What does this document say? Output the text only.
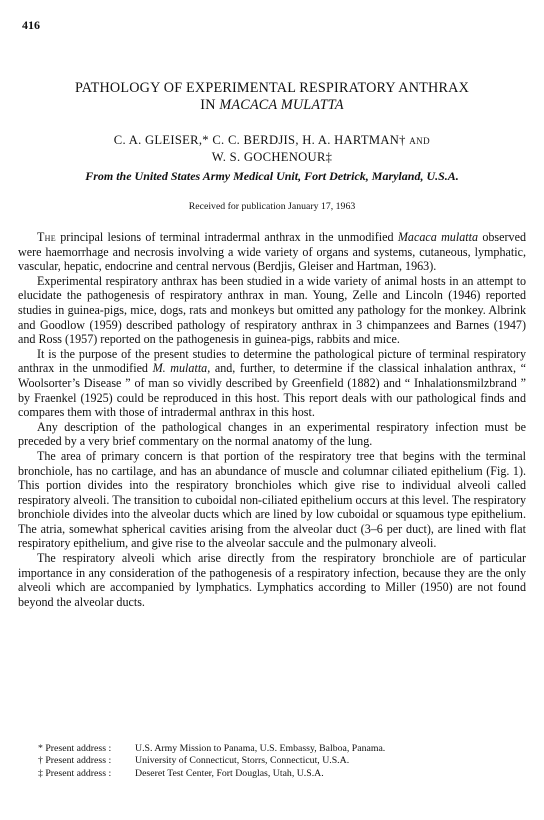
416
PATHOLOGY OF EXPERIMENTAL RESPIRATORY ANTHRAX
IN MACACA MULATTA
C. A. GLEISER,* C. C. BERDJIS, H. A. HARTMAN† AND
W. S. GOCHENOUR‡
From the United States Army Medical Unit, Fort Detrick, Maryland, U.S.A.
Received for publication January 17, 1963

The principal lesions of terminal intradermal anthrax in the unmodified Macaca mulatta observed were haemorrhage and necrosis involving a wide variety of organs and systems, cutaneous, lymphatic, vascular, hepatic, endocrine and central nervous (Berdjis, Gleiser and Hartman, 1963).

Experimental respiratory anthrax has been studied in a wide variety of animal hosts in an attempt to elucidate the pathogenesis of respiratory anthrax in man. Young, Zelle and Lincoln (1946) reported studies in guinea-pigs, mice, dogs, rats and monkeys but omitted any pathology for the monkey. Albrink and Goodlow (1959) described pathology of respiratory anthrax in 3 chimpanzees and Barnes (1947) and Ross (1957) reported on the pathogenesis in guinea-pigs, rabbits and mice.

It is the purpose of the present studies to determine the pathological picture of terminal respiratory anthrax in the unmodified M. mulatta, and, further, to determine if the classical inhalation anthrax, “ Woolsorter’s Disease ” of man so vividly described by Greenfield (1882) and “ Inhalationsmilzbrand ” by Fraenkel (1925) could be reproduced in this host. This report deals with our pathological finds and compares them with those of intradermal anthrax in this host.

Any description of the pathological changes in an experimental respiratory infection must be preceded by a very brief commentary on the normal anatomy of the lung.

The area of primary concern is that portion of the respiratory tree that begins with the terminal bronchiole, has no cartilage, and has an abundance of muscle and columnar ciliated epithelium (Fig. 1). This portion divides into the respiratory bronchioles which give rise to individual alveoli called respiratory alveoli. The transition to cuboidal non-ciliated epithelium occurs at this level. The respiratory bronchiole divides into the alveolar ducts which are lined by low cuboidal or squamous type epithelium. The atria, somewhat spherical cavities arising from the alveolar duct (3–6 per duct), are lined with flat respiratory epithelium, and give rise to the alveolar saccule and the pulmonary alveoli.

The respiratory alveoli which arise directly from the respiratory bronchiole are of particular importance in any consideration of the pathogenesis of a respiratory infection, because they are the only alveoli which are accompanied by lymphatics. Lymphatics according to Miller (1950) are not found beyond the alveolar ducts.

* Present address : U.S. Army Mission to Panama, U.S. Embassy, Balboa, Panama.
† Present address : University of Connecticut, Storrs, Connecticut, U.S.A.
‡ Present address : Deseret Test Center, Fort Douglas, Utah, U.S.A.
